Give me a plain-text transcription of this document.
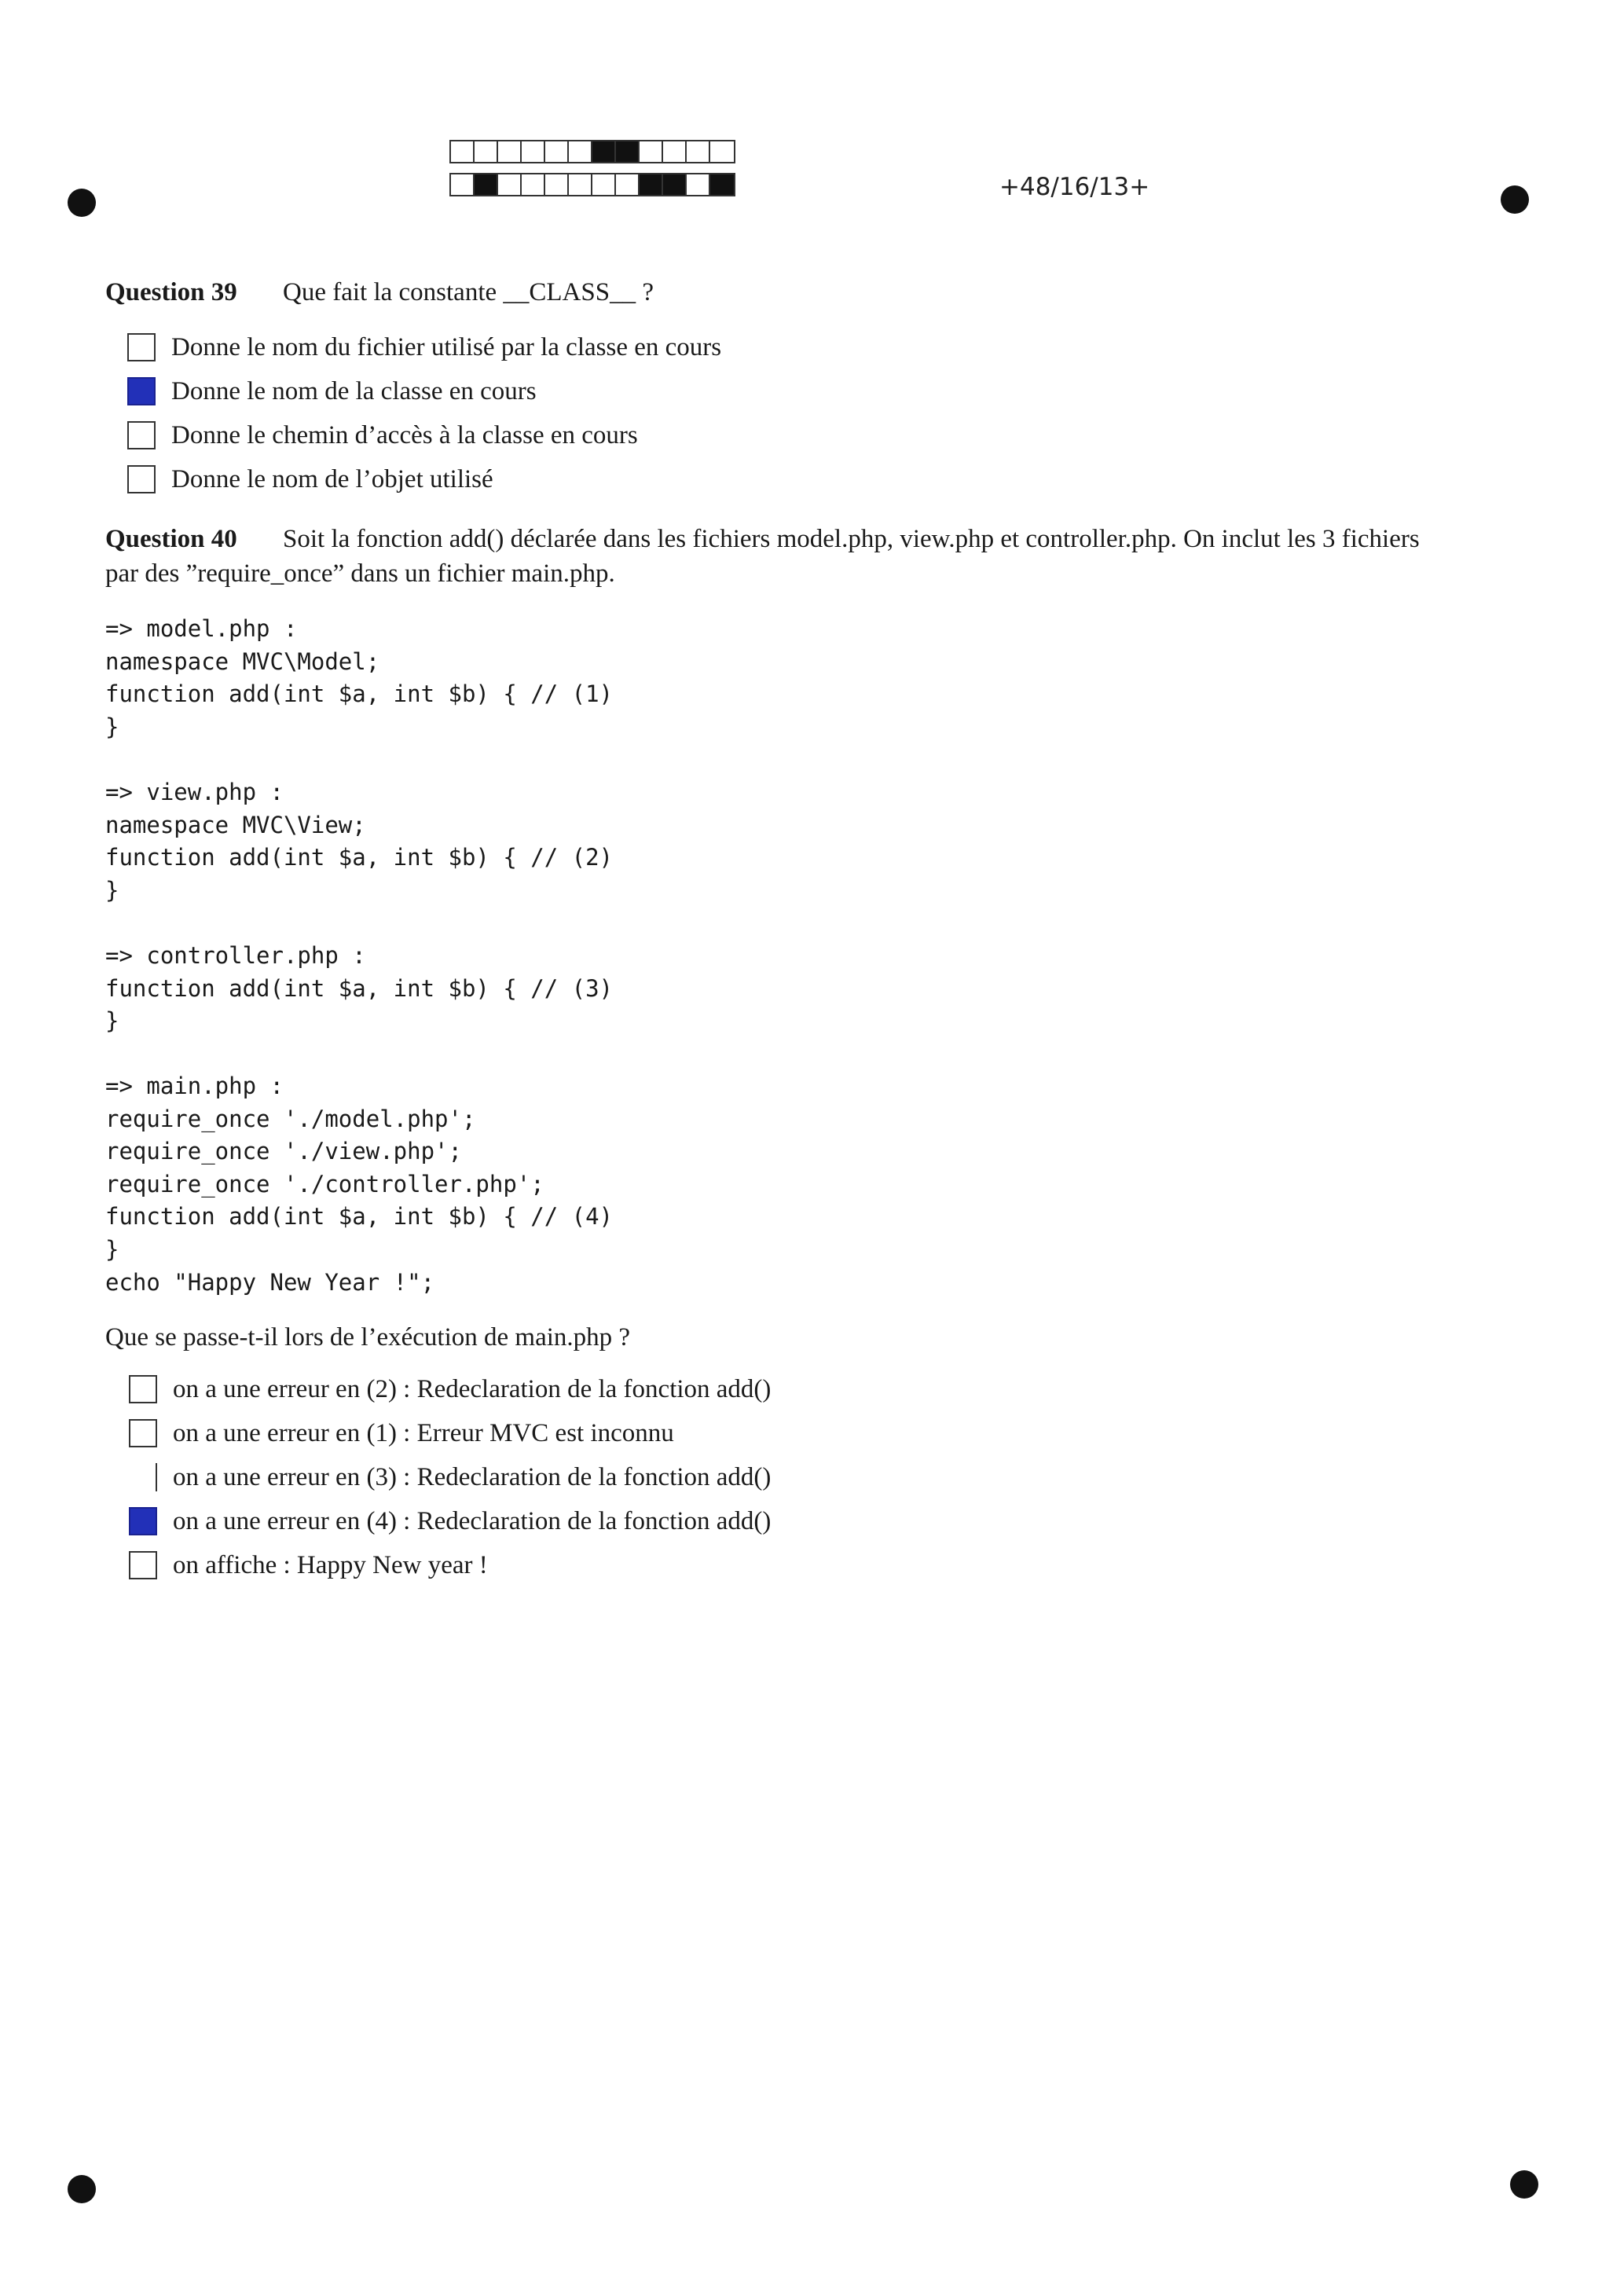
+48/16/13+
Question 39 Que fait la constante __CLASS__ ?
Donne le nom du fichier utilisé par la classe en cours
Donne le nom de la classe en cours
Donne le chemin d’accès à la classe en cours
Donne le nom de l’objet utilisé
Question 40 Soit la fonction add() déclarée dans les fichiers model.php, view.php et controller.php. On inclut les 3 fichiers
par des ”require_once” dans un fichier main.php.
=> model.php :
namespace MVC\Model;
function add(int $a, int $b) { // (1)
}
=> view.php :
namespace MVC\View;
function add(int $a, int $b) { // (2)
}
=> controller.php :
function add(int $a, int $b) { // (3)
}
=> main.php :
require_once './model.php';
require_once './view.php';
require_once './controller.php';
function add(int $a, int $b) { // (4)
}
echo "Happy New Year !";
Que se passe-t-il lors de l’exécution de main.php ?
on a une erreur en (2) : Redeclaration de la fonction add()
on a une erreur en (1) : Erreur MVC est inconnu
on a une erreur en (3) : Redeclaration de la fonction add()
on a une erreur en (4) : Redeclaration de la fonction add()
on affiche : Happy New year !
